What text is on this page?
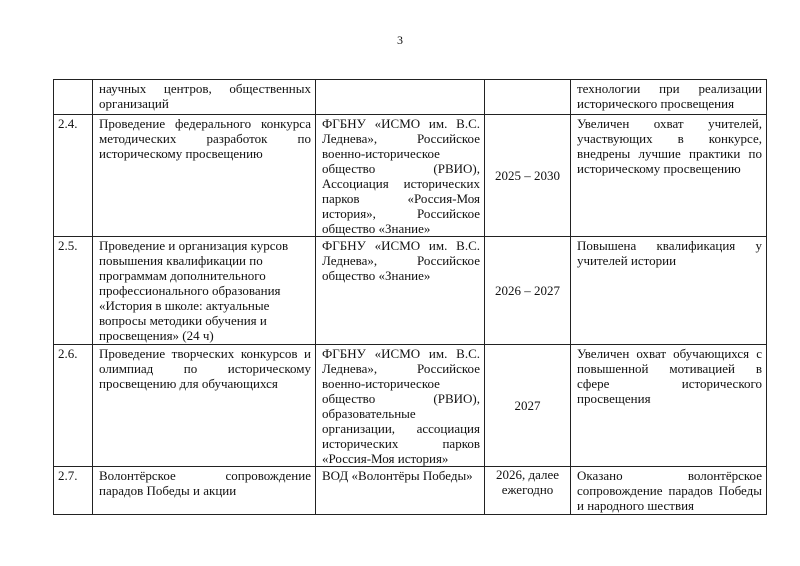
3
	научных центров, общественных организаций			технологии при реализации исторического просвещения
2.4.	Проведение федерального конкурса методических разработок по историческому просвещению	ФГБНУ «ИСМО им. В.С. Леднева», Российское военно-историческое общество (РВИО), Ассоциация исторических парков «Россия-Моя история», Российское общество «Знание»	2025 – 2030	Увеличен охват учителей, участвующих в конкурсе, внедрены лучшие практики по историческому просвещению
2.5.	Проведение и организация курсов повышения квалификации по программам дополнительного профессионального образования «История в школе: актуальные вопросы методики обучения и просвещения» (24 ч)	ФГБНУ «ИСМО им. В.С. Леднева», Российское общество «Знание»	2026 – 2027	Повышена квалификация у учителей истории
2.6.	Проведение творческих конкурсов и олимпиад по историческому просвещению для обучающихся	ФГБНУ «ИСМО им. В.С. Леднева», Российское военно-историческое общество (РВИО), образовательные организации, ассоциация исторических парков «Россия-Моя история»	2027	Увеличен охват обучающихся с повышенной мотивацией в сфере исторического просвещения
2.7.	Волонтёрское сопровождение парадов Победы и акции	ВОД «Волонтёры Победы»	2026, далее ежегодно	Оказано волонтёрское сопровождение парадов Победы и народного шествия
